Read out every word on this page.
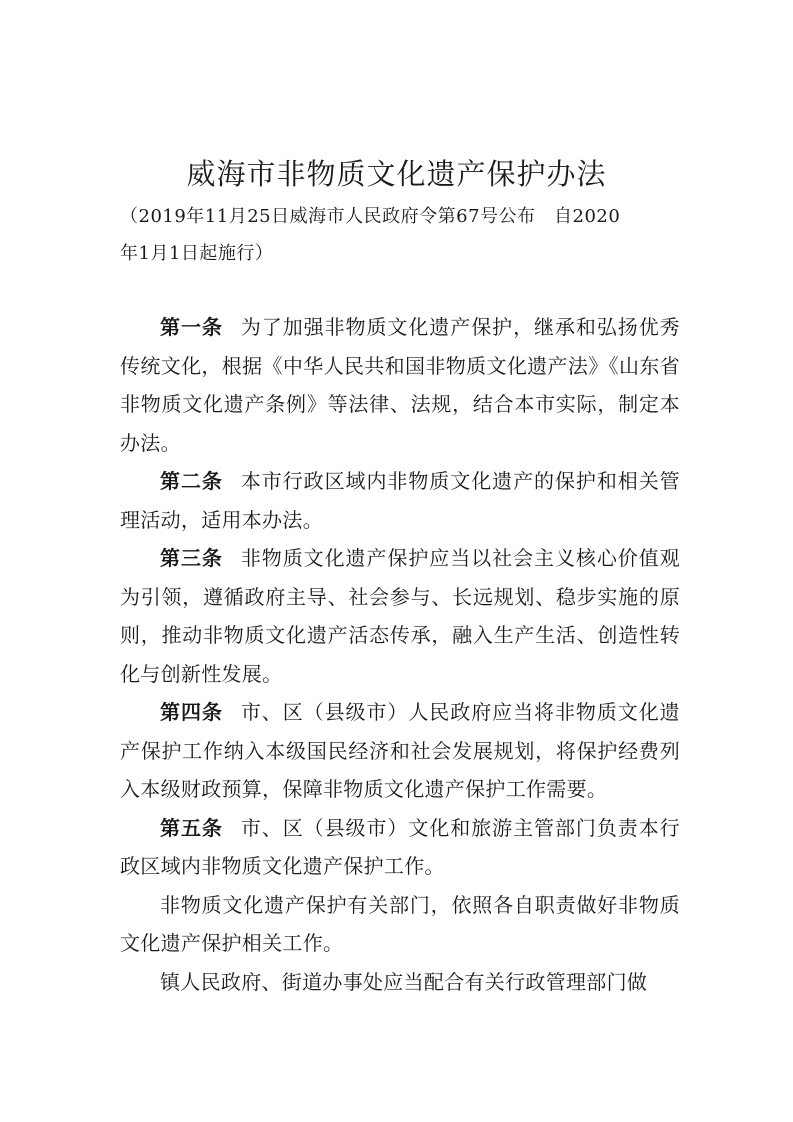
威海市非物质文化遗产保护办法
（2019年11月25日威海市人民政府令第67号公布　自2020
年1月1日起施行）

第一条 为了加强非物质文化遗产保护，继承和弘扬优秀传统文化，根据《中华人民共和国非物质文化遗产法》《山东省非物质文化遗产条例》等法律、法规，结合本市实际，制定本办法。

第二条 本市行政区域内非物质文化遗产的保护和相关管理活动，适用本办法。

第三条 非物质文化遗产保护应当以社会主义核心价值观为引领，遵循政府主导、社会参与、长远规划、稳步实施的原则，推动非物质文化遗产活态传承，融入生产生活、创造性转化与创新性发展。

第四条 市、区（县级市）人民政府应当将非物质文化遗产保护工作纳入本级国民经济和社会发展规划，将保护经费列入本级财政预算，保障非物质文化遗产保护工作需要。

第五条 市、区（县级市）文化和旅游主管部门负责本行政区域内非物质文化遗产保护工作。

非物质文化遗产保护有关部门，依照各自职责做好非物质文化遗产保护相关工作。

镇人民政府、街道办事处应当配合有关行政管理部门做
